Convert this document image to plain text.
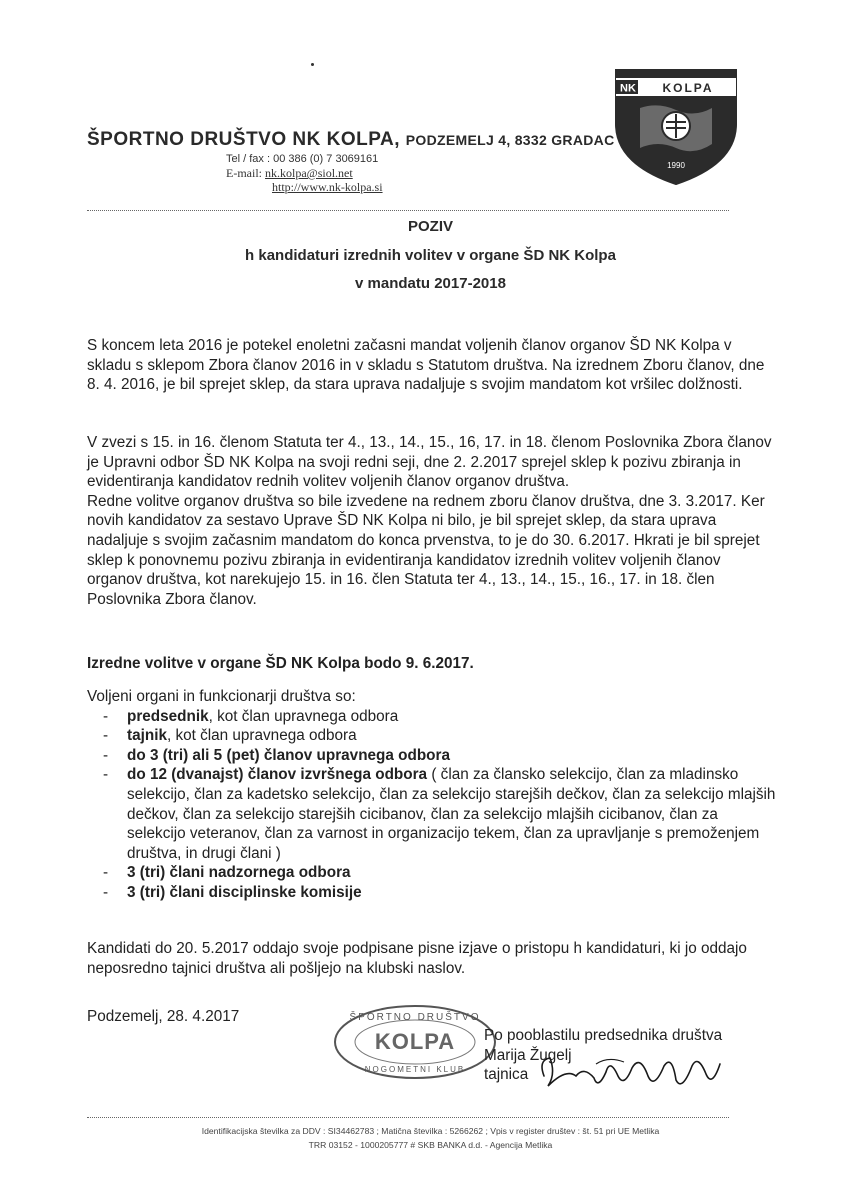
ŠPORTNO DRUŠTVO NK KOLPA, PODZEMELJ 4, 8332 GRADAC
Tel / fax : 00 386 (0) 7 3069161
E-mail: nk.kolpa@siol.net
http://www.nk-kolpa.si
NK KOLPA
1990
POZIV
h kandidaturi izrednih volitev v organe ŠD NK Kolpa
v mandatu 2017-2018

S koncem leta 2016 je potekel enoletni začasni mandat voljenih članov organov ŠD NK Kolpa v skladu s sklepom Zbora članov 2016 in v skladu s Statutom društva. Na izrednem Zboru članov, dne 8. 4. 2016, je bil sprejet sklep, da stara uprava nadaljuje s svojim mandatom kot vršilec dolžnosti.

V zvezi s 15. in 16. členom Statuta ter 4., 13., 14., 15., 16, 17. in 18. členom Poslovnika Zbora članov je Upravni odbor ŠD NK Kolpa na svoji redni seji, dne 2. 2.2017 sprejel sklep k pozivu zbiranja in evidentiranja kandidatov rednih volitev voljenih članov organov društva.

Redne volitve organov društva so bile izvedene na rednem zboru članov društva, dne 3. 3.2017. Ker novih kandidatov za sestavo Uprave ŠD NK Kolpa ni bilo, je bil sprejet sklep, da stara uprava nadaljuje s svojim začasnim mandatom do konca prvenstva, to je do 30. 6.2017. Hkrati je bil sprejet sklep k ponovnemu pozivu zbiranja in evidentiranja kandidatov izrednih volitev voljenih članov organov društva, kot narekujejo 15. in 16. člen Statuta ter 4., 13., 14., 15., 16., 17. in 18. člen Poslovnika Zbora članov.

Izredne volitve v organe ŠD NK Kolpa bodo 9. 6.2017.

Voljeni organi in funkcionarji društva so:

- predsednik, kot član upravnega odbora
- tajnik, kot član upravnega odbora
- do 3 (tri) ali 5 (pet) članov upravnega odbora
- do 12 (dvanajst) članov izvršnega odbora ( član za člansko selekcijo, član za mladinsko selekcijo, član za kadetsko selekcijo, član za selekcijo starejših dečkov, član za selekcijo mlajših dečkov, član za selekcijo starejših cicibanov, član za selekcijo mlajših cicibanov, član za selekcijo veteranov, član za varnost in organizacijo tekem, član za upravljanje s premoženjem društva, in drugi člani )
- 3 (tri) člani nadzornega odbora
- 3 (tri) člani disciplinske komisije
Kandidati do 20. 5.2017 oddajo svoje podpisane pisne izjave o pristopu h kandidaturi, ki jo oddajo neposredno tajnici društva ali pošljejo na klubski naslov.
Podzemelj, 28. 4.2017	ŠPORTNO DRUŠTVO
KOLPA
NOGOMETNI KLUB
Po pooblastilu predsednika društva
Marija Žugelj
tajnica
Identifikacijska številka za DDV : SI34462783 ; Matična številka : 5266262 ; Vpis v register društev : št. 51 pri UE Metlika
TRR 03152 - 1000205777 # SKB BANKA d.d. - Agencija Metlika
